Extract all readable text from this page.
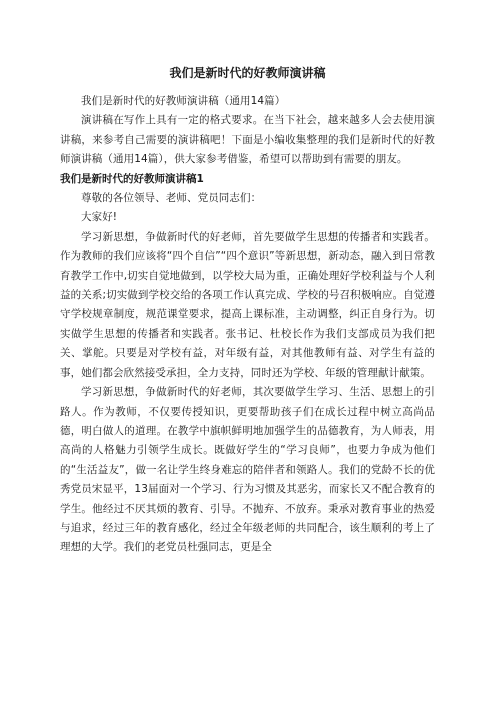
我们是新时代的好教师演讲稿

我们是新时代的好教师演讲稿（通用14篇）

演讲稿在写作上具有一定的格式要求。在当下社会，越来越多人会去使用演讲稿，来参考自己需要的演讲稿吧！下面是小编收集整理的我们是新时代的好教师演讲稿（通用14篇），供大家参考借鉴，希望可以帮助到有需要的朋友。

我们是新时代的好教师演讲稿1

尊敬的各位领导、老师、党员同志们：

大家好!

学习新思想，争做新时代的好老师，首先要做学生思想的传播者和实践者。作为教师的我们应该将“四个自信”“四个意识”等新思想，新动态，融入到日常教育教学工作中,切实自觉地做到，以学校大局为重，正确处理好学校利益与个人利益的关系;切实做到学校交给的各项工作认真完成、学校的号召积极响应。自觉遵守学校规章制度，规范课堂要求，提高上课标准，主动调整，纠正自身行为。切实做学生思想的传播者和实践者。张书记、杜校长作为我们支部成员为我们把关、掌舵。只要是对学校有益，对年级有益，对其他教师有益、对学生有益的事，她们都会欣然接受承担，全力支持，同时还为学校、年级的管理献计献策。

学习新思想，争做新时代的好老师，其次要做学生学习、生活、思想上的引路人。作为教师，不仅要传授知识，更要帮助孩子们在成长过程中树立高尚品德，明白做人的道理。在教学中旗帜鲜明地加强学生的品德教育，为人师表，用高尚的人格魅力引领学生成长。既做好学生的“学习良师”，也要力争成为他们的“生活益友”，做一名让学生终身难忘的陪伴者和领路人。我们的党龄不长的优秀党员宋显平，13届面对一个学习、行为习惯及其恶劣，而家长又不配合教育的学生。他经过不厌其烦的教育、引导。不抛弃、不放弃。秉承对教育事业的热爱与追求，经过三年的教育感化，经过全年级老师的共同配合，该生顺利的考上了理想的大学。我们的老党员杜强同志，更是全
